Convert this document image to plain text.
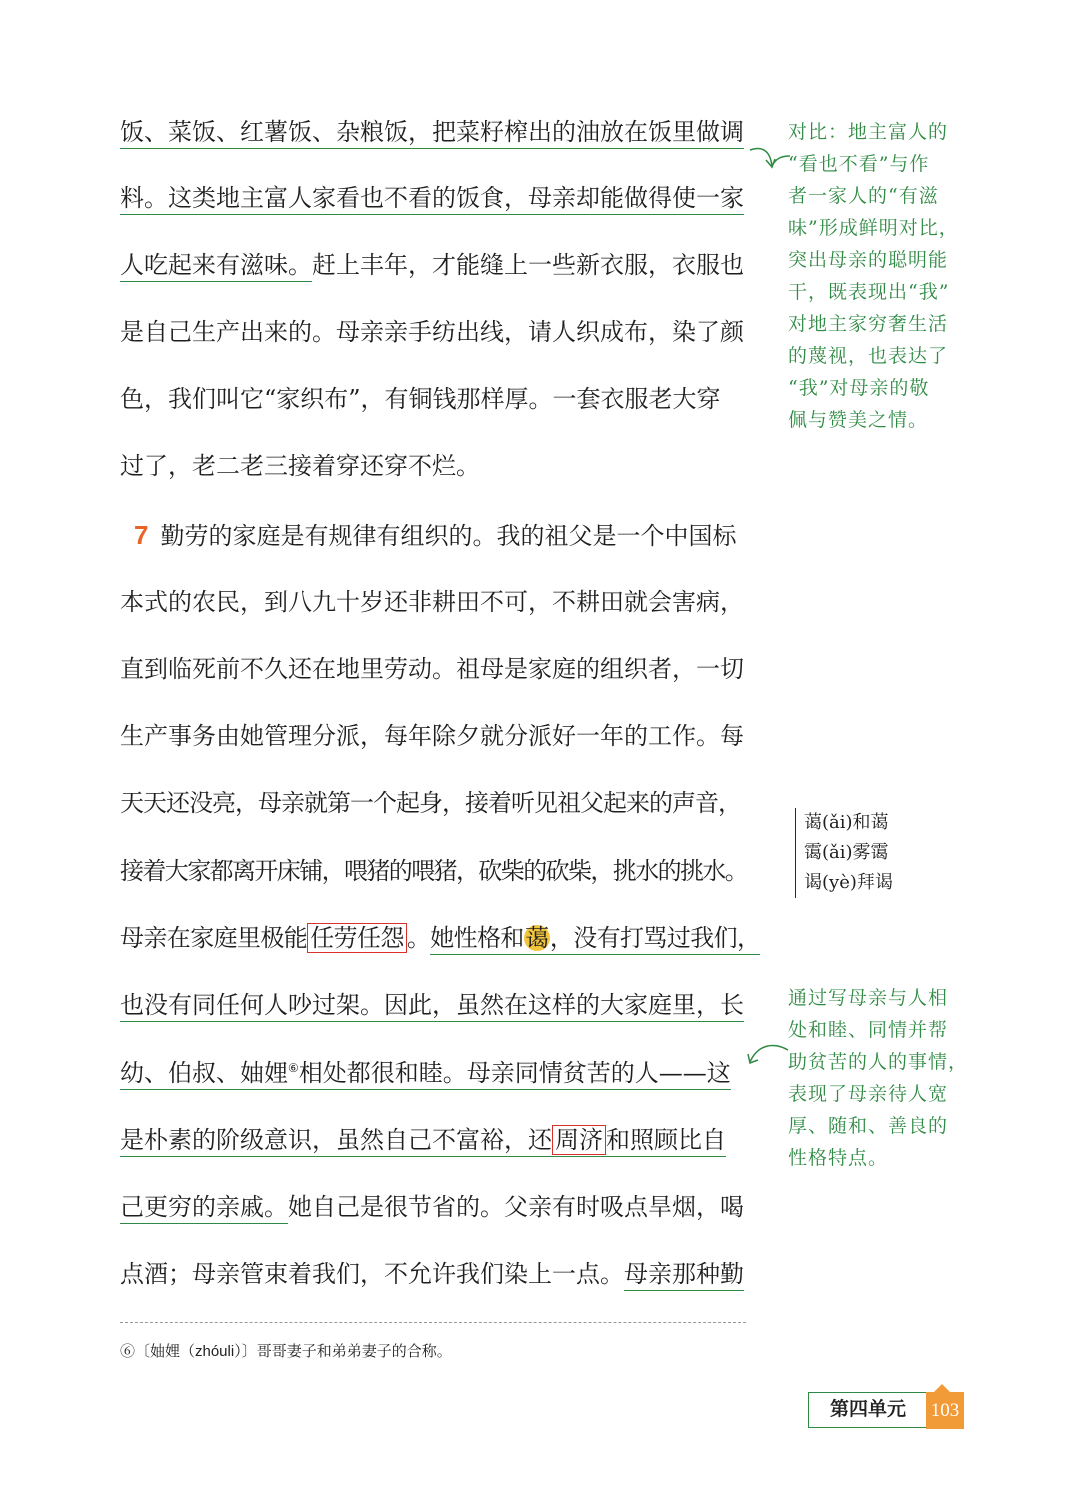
饭、菜饭、红薯饭、杂粮饭，把菜籽榨出的油放在饭里做调
料。这类地主富人家看也不看的饭食，母亲却能做得使一家
人吃起来有滋味。赶上丰年，才能缝上一些新衣服，衣服也
是自己生产出来的。母亲亲手纺出线，请人织成布，染了颜
色，我们叫它“家织布”，有铜钱那样厚。一套衣服老大穿
过了，老二老三接着穿还穿不烂。
7 勤劳的家庭是有规律有组织的。我的祖父是一个中国标
本式的农民，到八九十岁还非耕田不可，不耕田就会害病，
直到临死前不久还在地里劳动。祖母是家庭的组织者，一切
生产事务由她管理分派，每年除夕就分派好一年的工作。每
天天还没亮，母亲就第一个起身，接着听见祖父起来的声音，
接着大家都离开床铺，喂猪的喂猪，砍柴的砍柴，挑水的挑水。
母亲在家庭里极能 任劳任怨 。她性格和蔼，没有打骂过我们，
也没有同任何人吵过架。因此，虽然在这样的大家庭里，长
幼、伯叔、妯娌⑥相处都很和睦。母亲同情贫苦的人——这
是朴素的阶级意识，虽然自己不富裕，还 周济 和照顾比自
己更穷的亲戚。她自己是很节省的。父亲有时吸点旱烟，喝
点酒；母亲管束着我们，不允许我们染上一点。母亲那种勤
对比：地主富人的
“看也不看”与作
者一家人的“有滋
味”形成鲜明对比，
突出母亲的聪明能
干，既表现出“我”
对地主家穷奢生活
的蔑视，也表达了
“我”对母亲的敬
佩与赞美之情。
蔼(ǎi)和蔼
霭(ǎi)雾霭
谒(yè)拜谒
通过写母亲与人相
处和睦、同情并帮
助贫苦的人的事情，
表现了母亲待人宽
厚、随和、善良的
性格特点。
⑥〔妯娌（zhóuli）〕哥哥妻子和弟弟妻子的合称。
第四单元	103
